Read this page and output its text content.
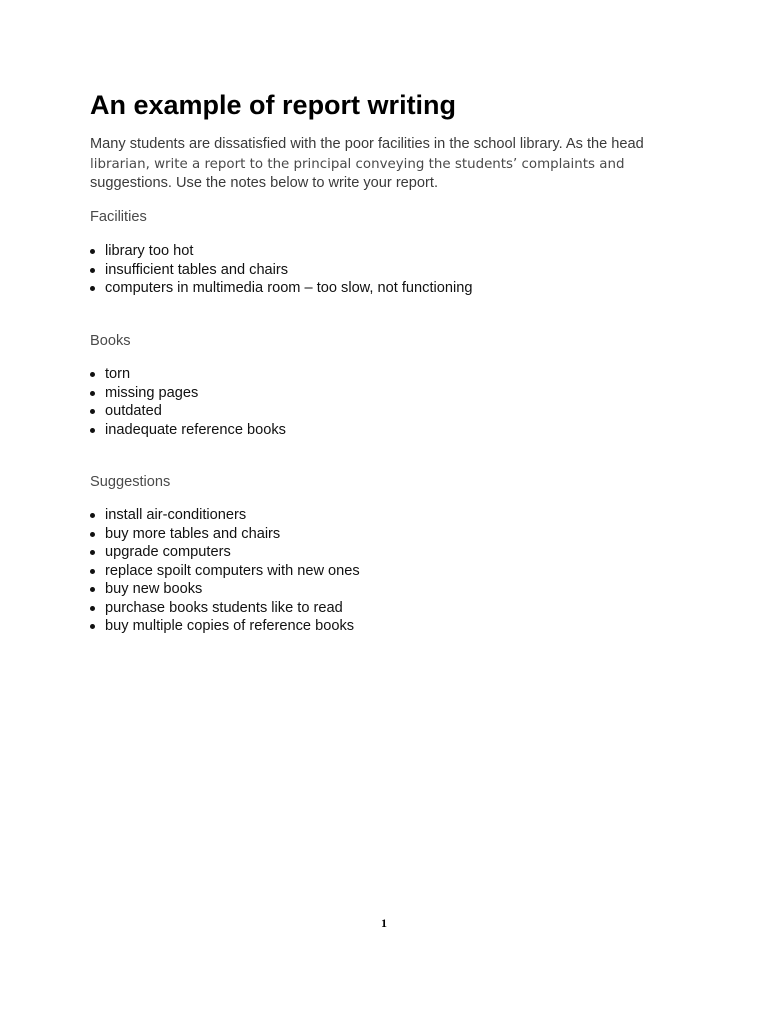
An example of report writing
Many students are dissatisfied with the poor facilities in the school library. As the head
librarian, write a report to the principal conveying the students’ complaints and
suggestions. Use the notes below to write your report.
Facilities
library too hot
insufficient tables and chairs
computers in multimedia room – too slow, not functioning
Books
torn
missing pages
outdated
inadequate reference books
Suggestions
install air-conditioners
buy more tables and chairs
upgrade computers
replace spoilt computers with new ones
buy new books
purchase books students like to read
buy multiple copies of reference books
1
